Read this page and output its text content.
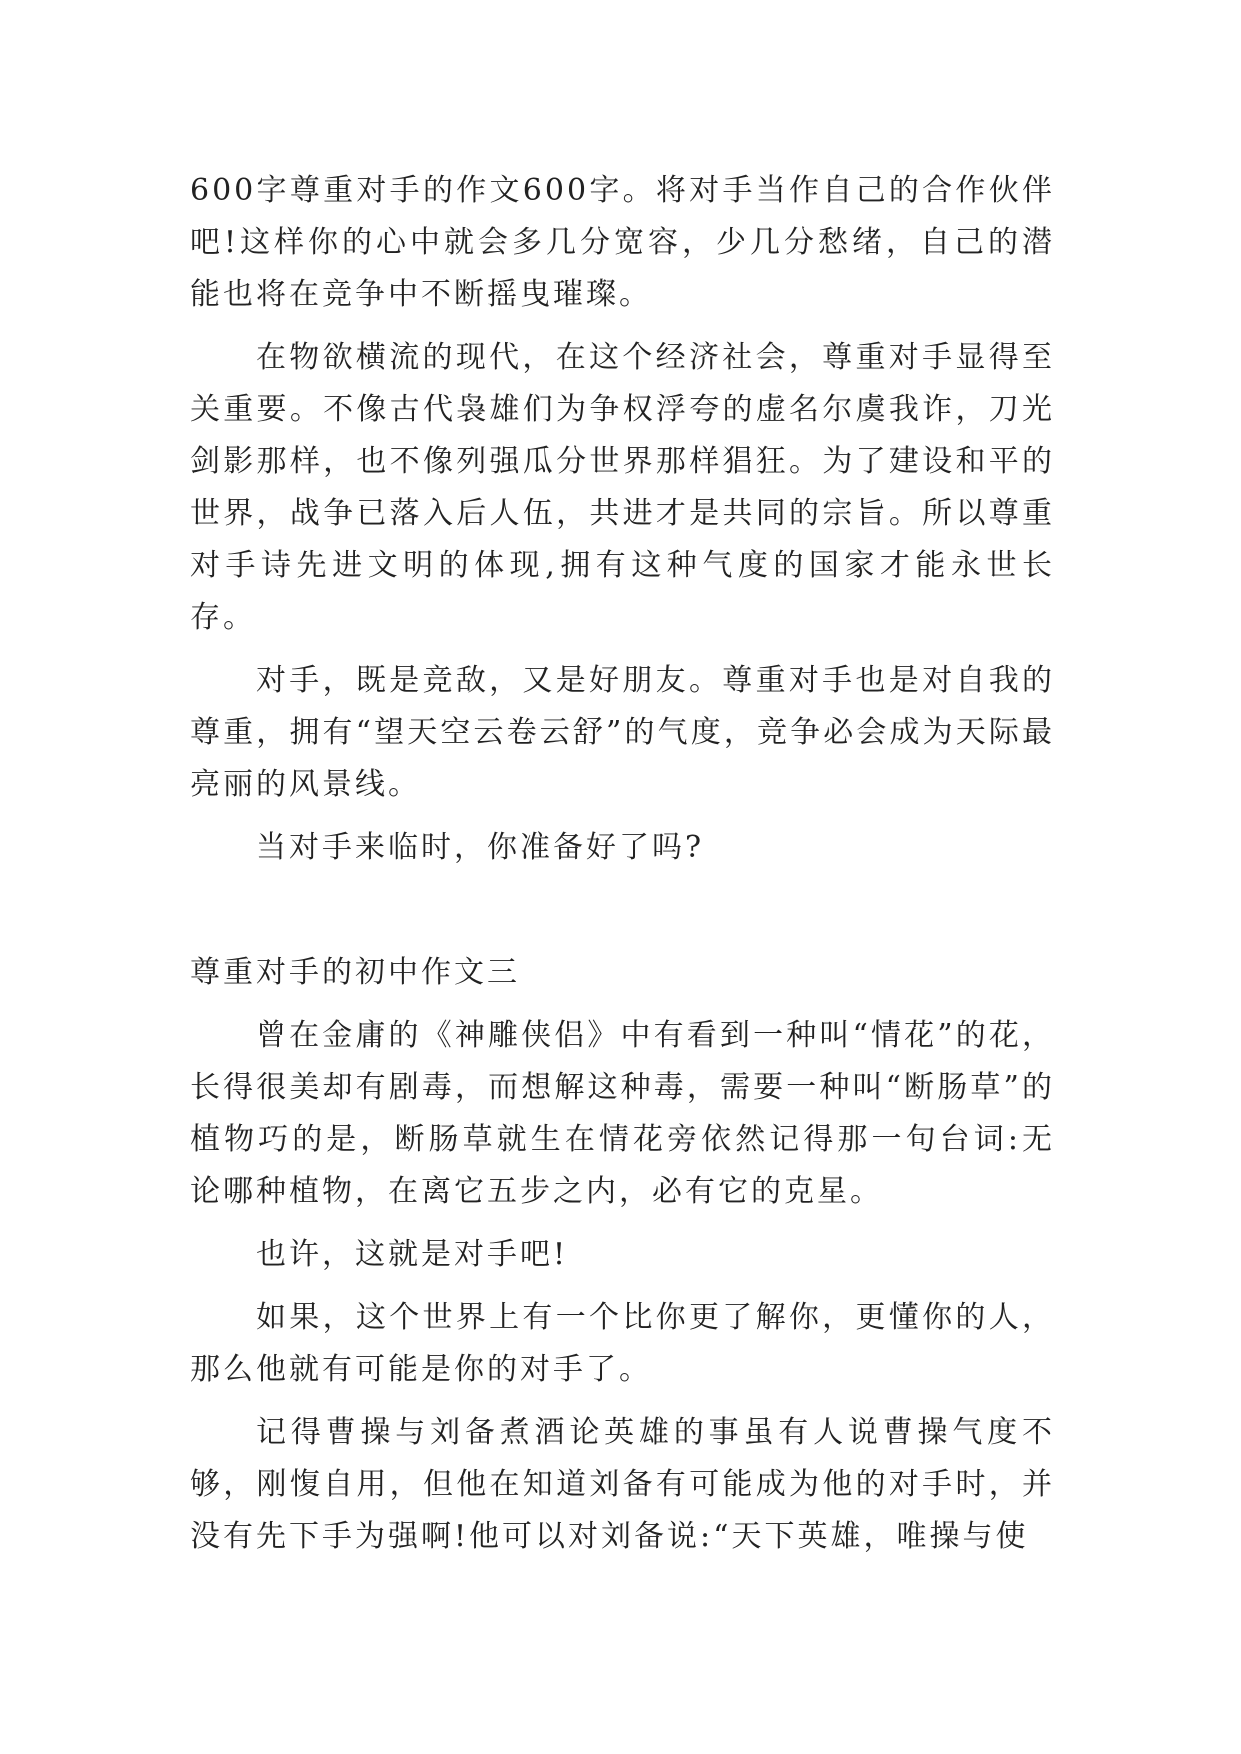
600字尊重对手的作文600字。将对手当作自己的合作伙伴吧!这样你的心中就会多几分宽容，少几分愁绪，自己的潜能也将在竞争中不断摇曳璀璨。

在物欲横流的现代，在这个经济社会，尊重对手显得至关重要。不像古代袅雄们为争权浮夸的虚名尔虞我诈，刀光剑影那样，也不像列强瓜分世界那样猖狂。为了建设和平的世界，战争已落入后人伍，共进才是共同的宗旨。所以尊重对手诗先进文明的体现,拥有这种气度的国家才能永世长存。

对手，既是竞敌，又是好朋友。尊重对手也是对自我的尊重，拥有“望天空云卷云舒”的气度，竞争必会成为天际最亮丽的风景线。

当对手来临时，你准备好了吗?

尊重对手的初中作文三

曾在金庸的《神雕侠侣》中有看到一种叫“情花”的花，长得很美却有剧毒，而想解这种毒，需要一种叫“断肠草”的植物巧的是，断肠草就生在情花旁依然记得那一句台词:无论哪种植物，在离它五步之内，必有它的克星。

也许，这就是对手吧!

如果，这个世界上有一个比你更了解你，更懂你的人，那么他就有可能是你的对手了。

记得曹操与刘备煮酒论英雄的事虽有人说曹操气度不够，刚愎自用，但他在知道刘备有可能成为他的对手时，并没有先下手为强啊!他可以对刘备说:“天下英雄，唯操与使
